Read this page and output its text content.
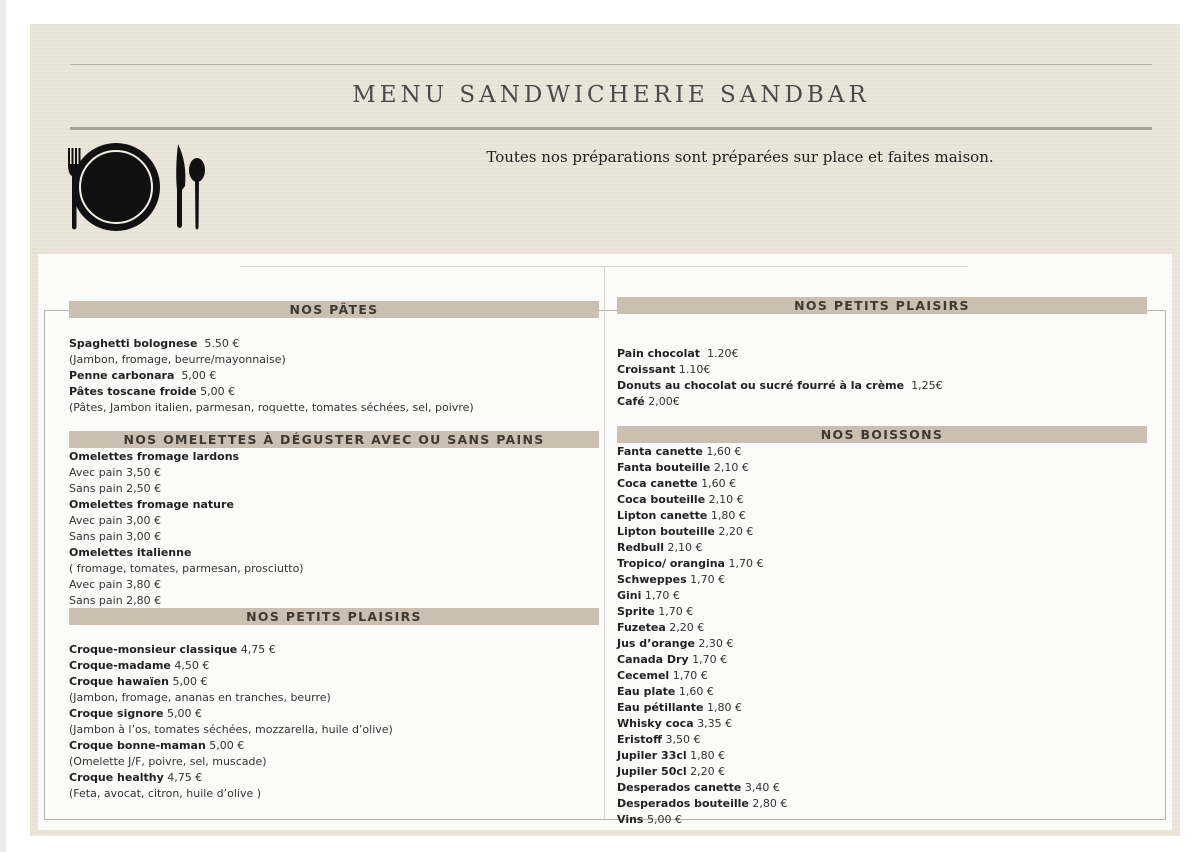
MENU SANDWICHERIE SANDBAR
Toutes nos préparations sont préparées sur place et faites maison.
NOS PÂTES
Spaghetti bolognese  5.50 €
(Jambon, fromage, beurre/mayonnaise)
Penne carbonara  5,00 €
Pâtes toscane froide 5,00 €
(Pâtes, Jambon italien, parmesan, roquette, tomates séchées, sel, poivre)
NOS OMELETTES À DÉGUSTER AVEC OU SANS PAINS
Omelettes fromage lardons
Avec pain 3,50 €
Sans pain 2,50 €
Omelettes fromage nature
Avec pain 3,00 €
Sans pain 3,00 €
Omelettes italienne
( fromage, tomates, parmesan, prosciutto)
Avec pain 3,80 €
Sans pain 2,80 €
NOS PETITS PLAISIRS
Croque-monsieur classique 4,75 €
Croque-madame 4,50 €
Croque hawaïen 5,00 €
(Jambon, fromage, ananas en tranches, beurre)
Croque signore 5,00 €
(Jambon à l’os, tomates séchées, mozzarella, huile d’olive)
Croque bonne-maman 5,00 €
(Omelette J/F, poivre, sel, muscade)
Croque healthy 4,75 €
(Feta, avocat, citron, huile d’olive )
NOS PETITS PLAISIRS
Pain chocolat  1.20€
Croissant 1.10€
Donuts au chocolat ou sucré fourré à la crème  1,25€
Café 2,00€
NOS BOISSONS
Fanta canette 1,60 €
Fanta bouteille 2,10 €
Coca canette 1,60 €
Coca bouteille 2,10 €
Lipton canette 1,80 €
Lipton bouteille 2,20 €
Redbull 2,10 €
Tropico/ orangina 1,70 €
Schweppes 1,70 €
Gini 1,70 €
Sprite 1,70 €
Fuzetea 2,20 €
Jus d’orange 2,30 €
Canada Dry 1,70 €
Cecemel 1,70 €
Eau plate 1,60 €
Eau pétillante 1,80 €
Whisky coca 3,35 €
Eristoff 3,50 €
Jupiler 33cl 1,80 €
Jupiler 50cl 2,20 €
Desperados canette 3,40 €
Desperados bouteille 2,80 €
Vins 5,00 €
